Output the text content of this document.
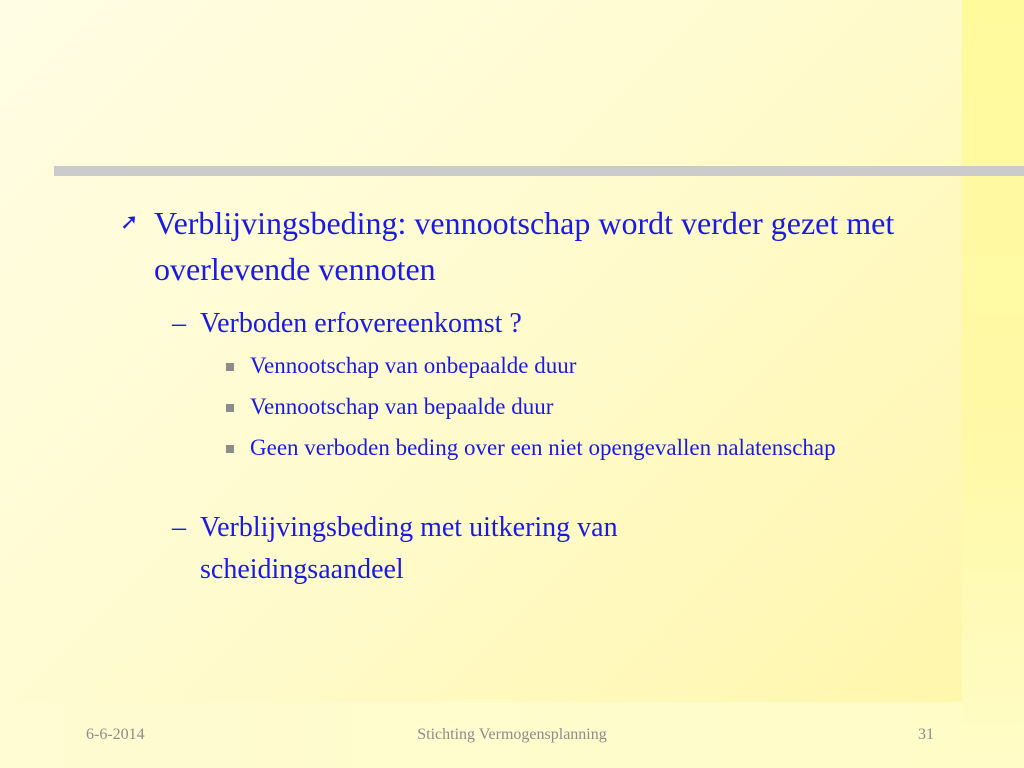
➚ Verblijvingsbeding: vennootschap wordt verder gezet met overlevende vennoten
– Verboden erfovereenkomst ?
Vennootschap van onbepaalde duur
Vennootschap van bepaalde duur
Geen verboden beding over een niet opengevallen nalatenschap
– Verblijvingsbeding met uitkering van scheidingsaandeel
6-6-2014	Stichting Vermogensplanning	31
